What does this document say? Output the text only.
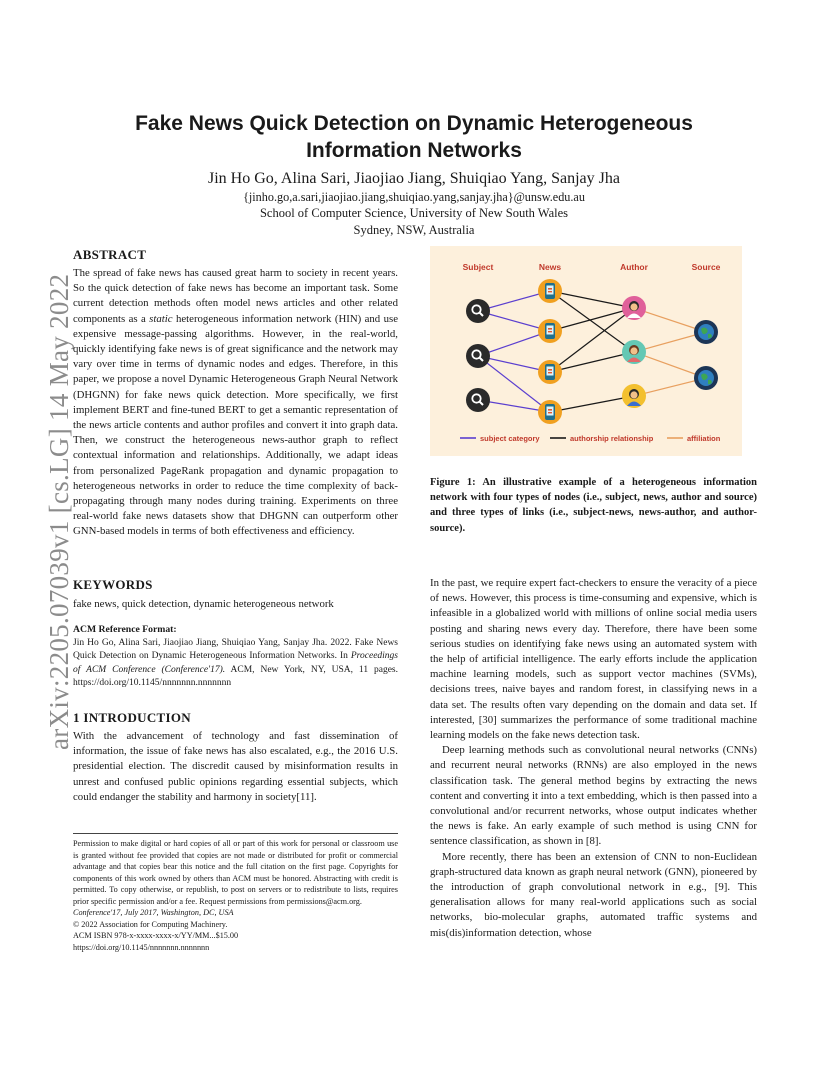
arXiv:2205.07039v1 [cs.LG] 14 May 2022
Fake News Quick Detection on Dynamic Heterogeneous
Information Networks
Jin Ho Go, Alina Sari, Jiaojiao Jiang, Shuiqiao Yang, Sanjay Jha
{jinho.go,a.sari,jiaojiao.jiang,shuiqiao.yang,sanjay.jha}@unsw.edu.au
School of Computer Science, University of New South Wales
Sydney, NSW, Australia
ABSTRACT

The spread of fake news has caused great harm to society in recent years. So the quick detection of fake news has become an important task. Some current detection methods often model news articles and other related components as a static heterogeneous information network (HIN) and use expensive message-passing algorithms. However, in the real-world, quickly identifying fake news is of great significance and the network may vary over time in terms of dynamic nodes and edges. Therefore, in this paper, we propose a novel Dynamic Heterogeneous Graph Neural Network (DHGNN) for fake news quick detection. More specifically, we first implement BERT and fine-tuned BERT to get a semantic representation of the news article contents and author profiles and convert it into graph data. Then, we construct the heterogeneous news-author graph to reflect contextual information and relationships. Additionally, we adapt ideas from personalized PageRank propagation and dynamic propagation to heterogeneous networks in order to reduce the time complexity of back-propagating through many nodes during training. Experiments on three real-world fake news datasets show that DHGNN can outperform other GNN-based models in terms of both effectiveness and efficiency.

KEYWORDS
fake news, quick detection, dynamic heterogeneous network
ACM Reference Format:
Jin Ho Go, Alina Sari, Jiaojiao Jiang, Shuiqiao Yang, Sanjay Jha. 2022. Fake News Quick Detection on Dynamic Heterogeneous Information Networks. In Proceedings of ACM Conference (Conference'17). ACM, New York, NY, USA, 11 pages. https://doi.org/10.1145/nnnnnnn.nnnnnnn
1 INTRODUCTION

With the advancement of technology and fast dissemination of information, the issue of fake news has also escalated, e.g., the 2016 U.S. presidential election. The discredit caused by misinformation results in unrest and confused public opinions regarding essential subjects, which could endanger the stability and harmony in society[11].

Permission to make digital or hard copies of all or part of this work for personal or classroom use is granted without fee provided that copies are not made or distributed for profit or commercial advantage and that copies bear this notice and the full citation on the first page. Copyrights for components of this work owned by others than ACM must be honored. Abstracting with credit is permitted. To copy otherwise, or republish, to post on servers or to redistribute to lists, requires prior specific permission and/or a fee. Request permissions from permissions@acm.org.

Conference'17, July 2017, Washington, DC, USA

© 2022 Association for Computing Machinery.

ACM ISBN 978-x-xxxx-xxxx-x/YY/MM...$15.00

https://doi.org/10.1145/nnnnnnn.nnnnnnn

Subject	News	Author	Source
subject category	authorship relationship	affiliation
Figure 1: An illustrative example of a heterogeneous information network with four types of nodes (i.e., subject, news, author and source) and three types of links (i.e., subject-news, news-author, and author-source).

In the past, we require expert fact-checkers to ensure the veracity of a piece of news. However, this process is time-consuming and expensive, which is infeasible in a globalized world with millions of online social media users posting and sharing news every day. Therefore, there have been some serious studies on identifying fake news using an automated system with the help of artificial intelligence. The early efforts include the application machine learning models, such as support vector machines (SVMs), decisions trees, naive bayes and random forest, in classifying news in a data set. The results often vary depending on the domain and data set. If interested, [30] summarizes the performance of some traditional machine learning models on the fake news detection task.

Deep learning methods such as convolutional neural networks (CNNs) and recurrent neural networks (RNNs) are also employed in the news classification task. The general method begins by extracting the news content and converting it into a text embedding, which is then passed into a convolutional and/or recurrent networks, whose output indicates whether the news is fake. An early example of such method is using CNN for sentence classification, as shown in [8].

More recently, there has been an extension of CNN to non-Euclidean graph-structured data known as graph neural network (GNN), pioneered by the introduction of graph convolutional network in e.g., [9]. This generalisation allows for many real-world applications such as social networks, bio-molecular graphs, automated traffic systems and mis(dis)information detection, whose
